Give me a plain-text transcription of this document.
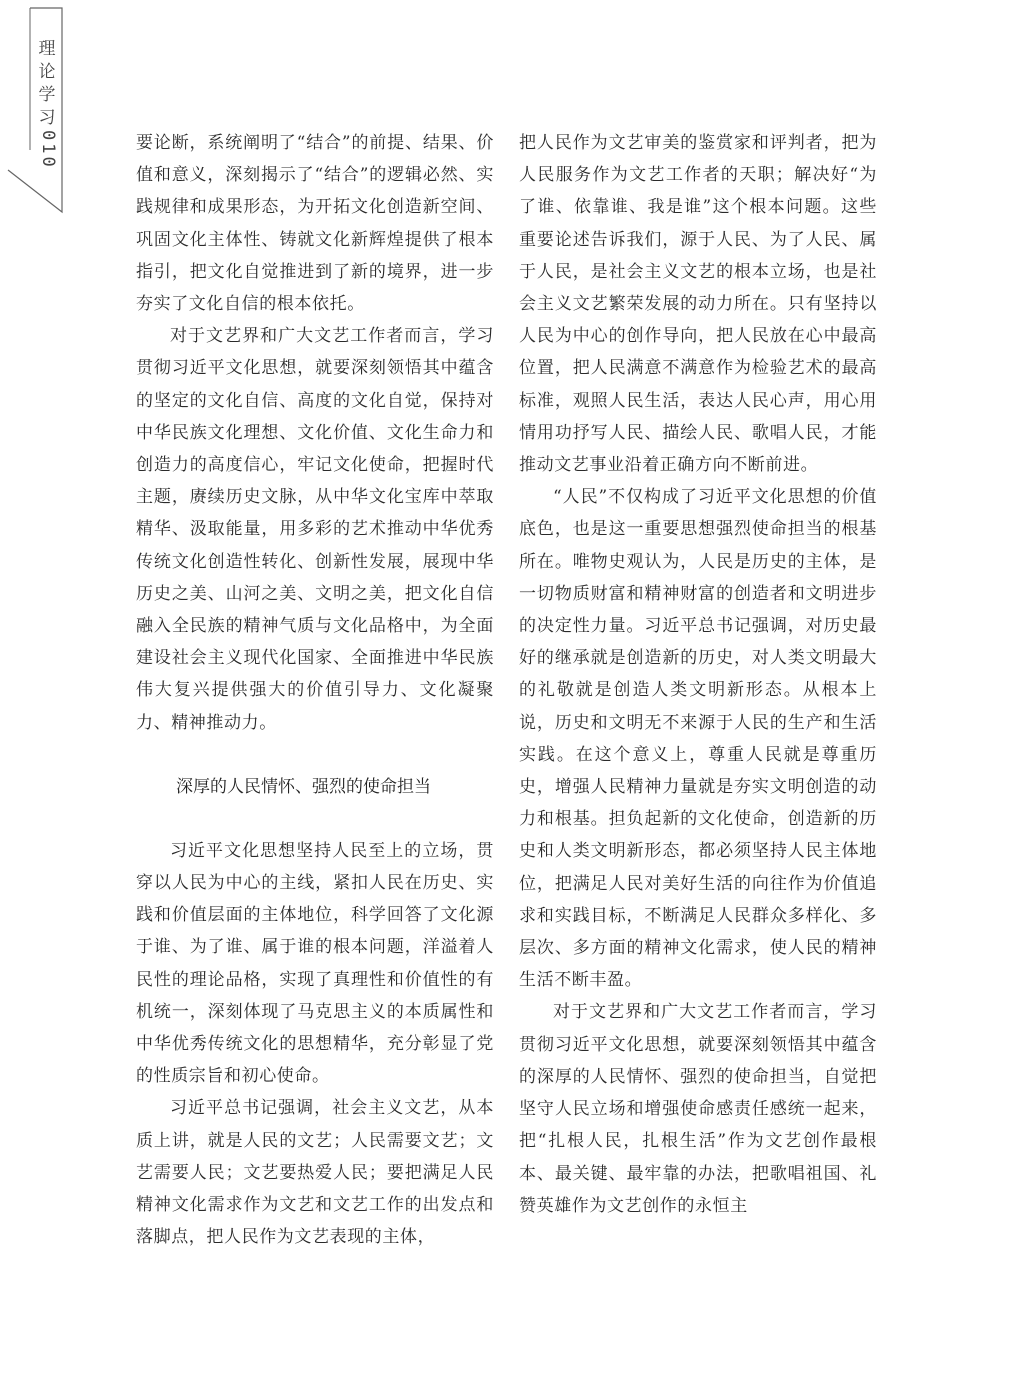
理论学习
010	要论断，系统阐明了“结合”的前提、结果、价值和意义，深刻揭示了“结合”的逻辑必然、实践规律和成果形态，为开拓文化创造新空间、巩固文化主体性、铸就文化新辉煌提供了根本指引，把文化自觉推进到了新的境界，进一步夯实了文化自信的根本依托。

对于文艺界和广大文艺工作者而言，学习贯彻习近平文化思想，就要深刻领悟其中蕴含的坚定的文化自信、高度的文化自觉，保持对中华民族文化理想、文化价值、文化生命力和创造力的高度信心，牢记文化使命，把握时代主题，赓续历史文脉，从中华文化宝库中萃取精华、汲取能量，用多彩的艺术推动中华优秀传统文化创造性转化、创新性发展，展现中华历史之美、山河之美、文明之美，把文化自信融入全民族的精神气质与文化品格中，为全面建设社会主义现代化国家、全面推进中华民族伟大复兴提供强大的价值引导力、文化凝聚力、精神推动力。

深厚的人民情怀、强烈的使命担当

习近平文化思想坚持人民至上的立场，贯穿以人民为中心的主线，紧扣人民在历史、实践和价值层面的主体地位，科学回答了文化源于谁、为了谁、属于谁的根本问题，洋溢着人民性的理论品格，实现了真理性和价值性的有机统一，深刻体现了马克思主义的本质属性和中华优秀传统文化的思想精华，充分彰显了党的性质宗旨和初心使命。

习近平总书记强调，社会主义文艺，从本质上讲，就是人民的文艺；人民需要文艺；文艺需要人民；文艺要热爱人民；要把满足人民精神文化需求作为文艺和文艺工作的出发点和落脚点，把人民作为文艺表现的主体，

把人民作为文艺审美的鉴赏家和评判者，把为人民服务作为文艺工作者的天职；解决好“为了谁、依靠谁、我是谁”这个根本问题。这些重要论述告诉我们，源于人民、为了人民、属于人民，是社会主义文艺的根本立场，也是社会主义文艺繁荣发展的动力所在。只有坚持以人民为中心的创作导向，把人民放在心中最高位置，把人民满意不满意作为检验艺术的最高标准，观照人民生活，表达人民心声，用心用情用功抒写人民、描绘人民、歌唱人民，才能推动文艺事业沿着正确方向不断前进。

“人民”不仅构成了习近平文化思想的价值底色，也是这一重要思想强烈使命担当的根基所在。唯物史观认为，人民是历史的主体，是一切物质财富和精神财富的创造者和文明进步的决定性力量。习近平总书记强调，对历史最好的继承就是创造新的历史，对人类文明最大的礼敬就是创造人类文明新形态。从根本上说，历史和文明无不来源于人民的生产和生活实践。在这个意义上，尊重人民就是尊重历史，增强人民精神力量就是夯实文明创造的动力和根基。担负起新的文化使命，创造新的历史和人类文明新形态，都必须坚持人民主体地位，把满足人民对美好生活的向往作为价值追求和实践目标，不断满足人民群众多样化、多层次、多方面的精神文化需求，使人民的精神生活不断丰盈。

对于文艺界和广大文艺工作者而言，学习贯彻习近平文化思想，就要深刻领悟其中蕴含的深厚的人民情怀、强烈的使命担当，自觉把坚守人民立场和增强使命感责任感统一起来，把“扎根人民，扎根生活”作为文艺创作最根本、最关键、最牢靠的办法，把歌唱祖国、礼赞英雄作为文艺创作的永恒主
